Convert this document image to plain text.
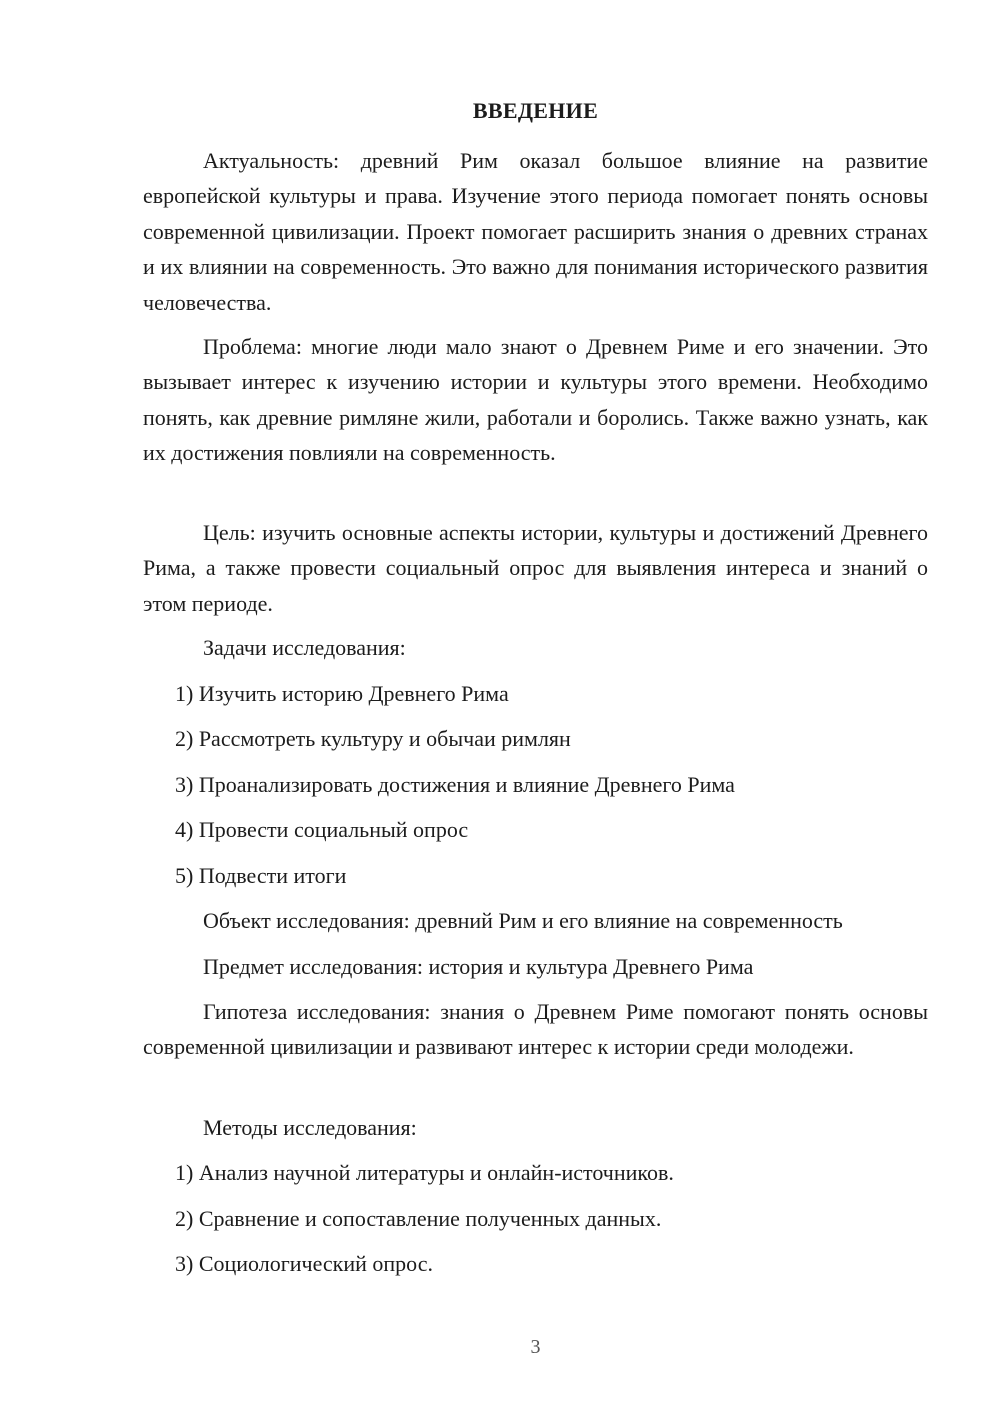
ВВЕДЕНИЕ

Актуальность: древний Рим оказал большое влияние на развитие европейской культуры и права. Изучение этого периода помогает понять основы современной цивилизации. Проект помогает расширить знания о древних странах и их влиянии на современность. Это важно для понимания исторического развития человечества.

Проблема: многие люди мало знают о Древнем Риме и его значении. Это вызывает интерес к изучению истории и культуры этого времени. Необходимо понять, как древние римляне жили, работали и боролись. Также важно узнать, как их достижения повлияли на современность.

Цель: изучить основные аспекты истории, культуры и достижений Древнего Рима, а также провести социальный опрос для выявления интереса и знаний о этом периоде.

Задачи исследования:

1) Изучить историю Древнего Рима

2) Рассмотреть культуру и обычаи римлян

3) Проанализировать достижения и влияние Древнего Рима

4) Провести социальный опрос

5) Подвести итоги

Объект исследования: древний Рим и его влияние на современность

Предмет исследования: история и культура Древнего Рима

Гипотеза исследования: знания о Древнем Риме помогают понять основы современной цивилизации и развивают интерес к истории среди молодежи.

Методы исследования:

1) Анализ научной литературы и онлайн-источников.

2) Сравнение и сопоставление полученных данных.

3) Социологический опрос.

3
